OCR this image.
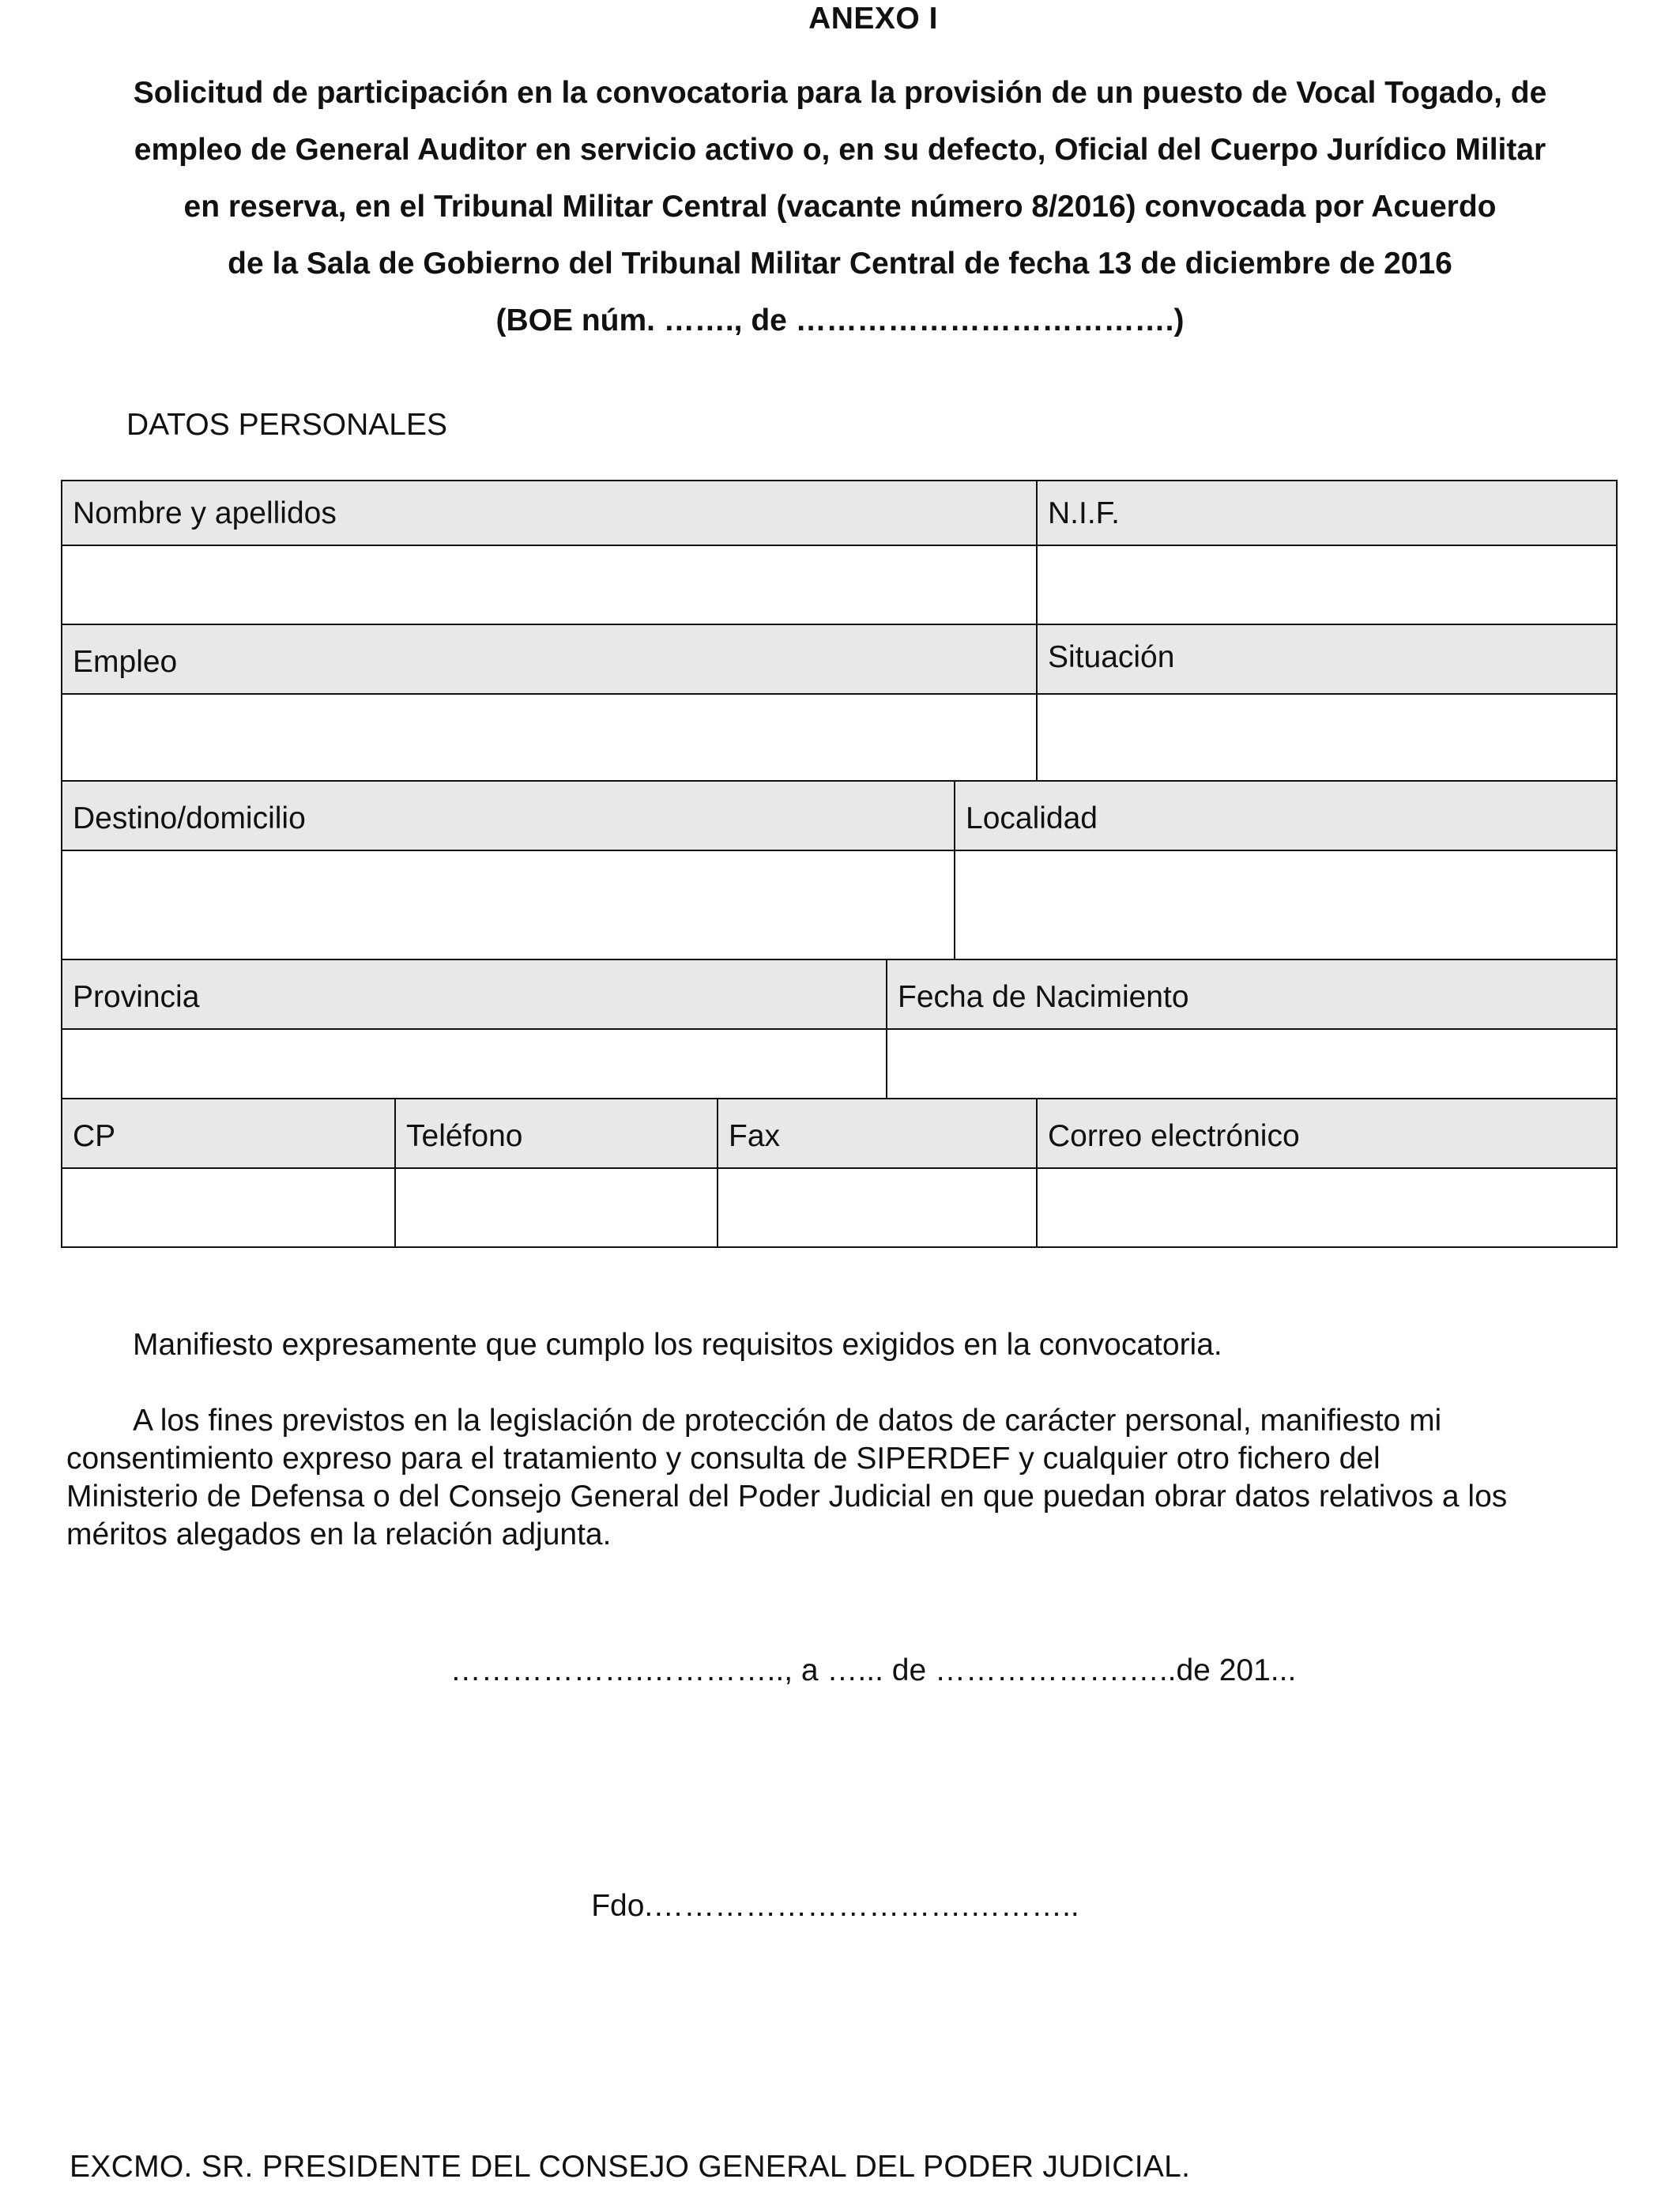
ANEXO I
Solicitud de participación en la convocatoria para la provisión de un puesto de Vocal Togado, de
empleo de General Auditor en servicio activo o, en su defecto, Oficial del Cuerpo Jurídico Militar
en reserva, en el Tribunal Militar Central (vacante número 8/2016) convocada por Acuerdo
de la Sala de Gobierno del Tribunal Militar Central de fecha 13 de diciembre de 2016
(BOE núm. ……., de ……………………………….)
DATOS PERSONALES
Nombre y apellidos	N.I.F.
Empleo	Situación
Destino/domicilio	Localidad
Provincia	Fecha de Nacimiento
CP	Teléfono	Fax	Correo electrónico
Manifiesto expresamente que cumplo los requisitos exigidos en la convocatoria.

A los fines previstos en la legislación de protección de datos de carácter personal, manifiesto mi

consentimiento expreso para el tratamiento y consulta de SIPERDEF y cualquier otro fichero del

Ministerio de Defensa o del Consejo General del Poder Judicial en que puedan obrar datos relativos a los

méritos alegados en la relación adjunta.

……………….………….., a …... de ……………….…..de 201...
Fdo.………………………….………..
EXCMO. SR. PRESIDENTE DEL CONSEJO GENERAL DEL PODER JUDICIAL.
